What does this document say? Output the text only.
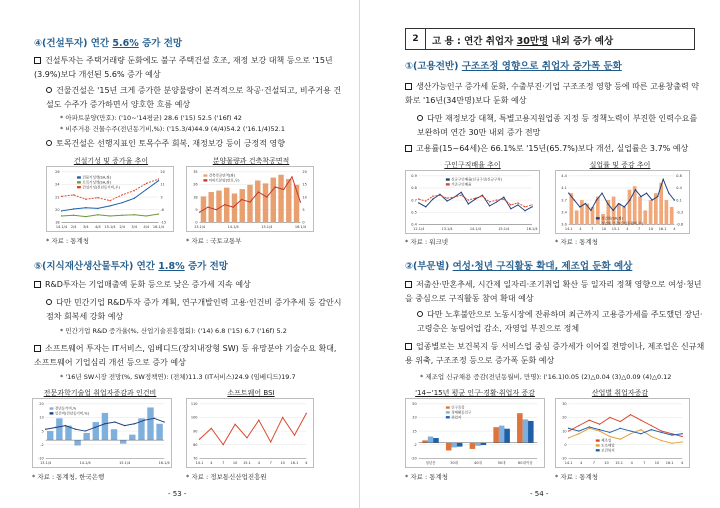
④(건설투자) 연간 5.6% 증가 전망
건설투자는 주택거래량 둔화에도 불구 주택건설 호조, 재정 보강 대책 등으로 '15년(3.9%)보다 개선된 5.6% 증가 예상
건물건설은 '15년 크게 증가한 분양물량이 본격적으로 착공·건설되고, 비주거용 건설도 수주가 증가하면서 양호한 흐름 예상
* 아파트분양(만호): ('10~'14평균) 28.6 ('15) 52.5 ('16f) 42
* 비주거용 건물수주(전년동기비,%): ('15.3/4)44.9 (4/4)54.2 ('16.1/4)52.1
토목건설은 선행지표인 토목수주 회복, 재정보강 등이 긍정적 영향
건설기성 및 증가율 추이	분양물량과 건축착공면적
18
20
22
24
26
-15
-6
3
11
20
14.1/4 2/4 3/4 4/4 15.1/4 2/4 3/4 4/4 16.1/4
건물기성액(SA,좌)
토목기성액(SA,좌)
건설기성(전년동기비,우)
0
9
18
26
35
0
5
10
15
20
13.1/4	14.1/4	15.1/4	16.1/4
건축착공면적(좌)
아파트분양(만호,우)
* 자료 : 통계청	* 자료 : 국토교통부
⑤(지식재산생산물투자) 연간 1.8% 증가 전망
R&D투자는 기업매출액 둔화 등으로 낮은 증가세 지속 예상
다만 민간기업 R&D투자 증가 계획, 연구개발인력 고용·인건비 증가추세 등 감안시 점차 회복세 강화 예상
* 민간기업 R&D 증가율(%, 산업기술진흥협회): ('14) 6.8 ('15) 6.7 ('16f) 5.2
소프트웨어 투자는 IT서비스, 임베디드(장치내장형 SW) 등 유망분야 기술수요 확대, 소프트웨어 기업심리 개선 등으로 증가 예상
* '16년 SW시장 전망(%, SW정책연): (전체)11.3 (IT서비스)24.9 (임베디드)19.7
전문과학기술업 취업자증감과 인건비	소프트웨어 BSI
-10
-2
5
13
20
13.1/4	14.1/4	15.1/4	16.1/4
전년동기비,%
인건비(전년동기비,%)
70
80
90
100
110
14.1 4	7 10 15.1 4	7 10 16.1 4
* 자료 : 통계청, 한국은행	* 자료 : 정보통신산업진흥원
- 53 -
2	고 용 : 연간 취업자 30만명 내외 증가 예상
①(고용전반) 구조조정 영향으로 취업자 증가폭 둔화
생산가능인구 증가세 둔화, 수출부진·기업 구조조정 영향 등에 따른 고용창출력 약화로 '16년(34만명)보다 둔화 예상
다만 재정보강 대책, 특별고용지원업종 지정 등 정책노력이 부진한 인력수요를 보완하며 연간 30만 내외 증가 전망
고용률(15~64세)은 66.1%로 '15년(65.7%)보다 개선, 실업률은 3.7% 예상
구인구직배율 추이	실업률 및 증감 추이
0.4
0.5
0.7
0.8
0.9
12.1/4	13.1/4	14.1/4	15.1/4	16.1/4
신규구인배율(신규구인/신규구직)
기존구인배율
3.0
3.4
3.7
4.1
4.4
-0.6
-0.3
0.1
0.4
0.8
14.1 4	7 10 15.1 4	7 10 16.1 4
실업률(SA,좌)
실업률 증감(전년동월비,우)
* 자료 : 워크넷	* 자료 : 통계청
②(부문별) 여성·청년 구직활동 확대, 제조업 둔화 예상
저출산·만혼추세, 시간제 일자리·조기취업 확산 등 일자리 정책 영향으로 여성·청년을 중심으로 구직활동 참여 확대 예상
다만 노후불안으로 노동시장에 잔류하며 최근까지 고용증가세를 주도했던 장년·고령층은 농림어업 감소, 자영업 부진으로 정체
업종별로는 보건복지 등 서비스업 중심 증가세가 이어질 전망이나, 제조업은 신규채용 위축, 구조조정 등으로 증가폭 둔화 예상
* 제조업 신규채용 증감(전년동월비, 만명): ('16.1)0.05 (2)△0.04 (3)△0.09 (4)△0.12
'14~'15년 평균 인구·경활·취업자 증감	산업별 취업자증감
-20
-2
15
33
50
청년층	30대	40대	50대	60대이상
인구증감
경제활동인구
취업자
-10
0
10
20
30
14.1 4	7	10 15.1 4	7	10 16.1 4
제조업
도소매업
보건복지
* 자료 : 통계청	* 자료 : 통계청
- 54 -
